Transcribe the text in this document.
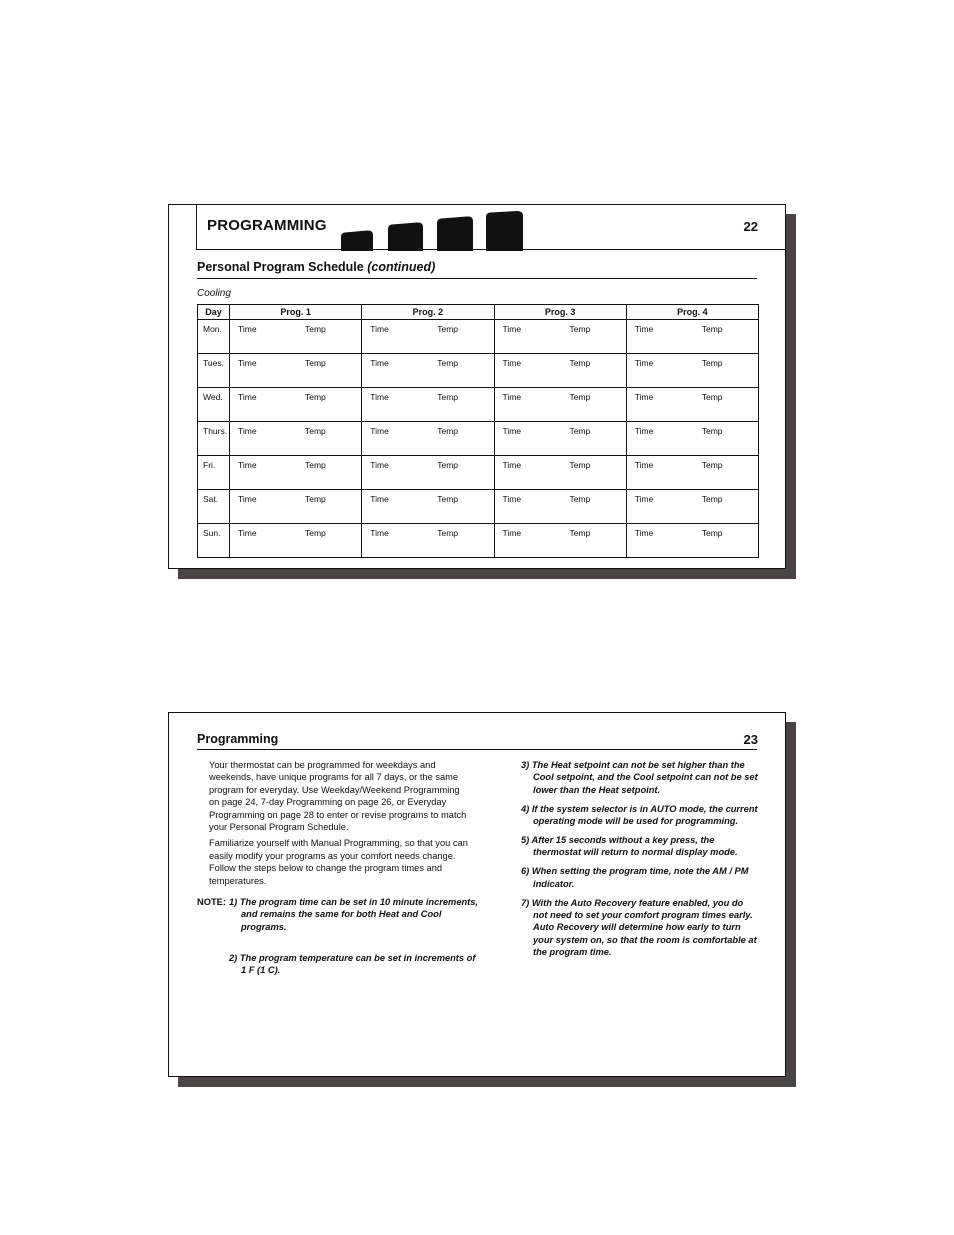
PROGRAMMING	22
Personal Program Schedule (continued)
Cooling
Day	Prog. 1	Prog. 2	Prog. 3	Prog. 4
Mon.	Time Temp	Time Temp	Time Temp	Time Temp

Tues.	Time Temp	Time Temp	Time Temp	Time Temp

Wed.	Time Temp	Time Temp	Time Temp	Time Temp

Thurs.	Time Temp	Time Temp	Time Temp	Time Temp

Fri.	Time Temp	Time Temp	Time Temp	Time Temp

Sat.	Time Temp	Time Temp	Time Temp	Time Temp

Sun.	Time Temp	Time Temp	Time Temp	Time Temp
Programming	23

Your thermostat can be programmed for weekdays and weekends, have unique programs for all 7 days, or the same program for everyday. Use Weekday/Weekend Programming on page 24, 7-day Programming on page 26, or Everyday Programming on page 28 to enter or revise programs to match your Personal Program Schedule.

Familiarize yourself with Manual Programming, so that you can easily modify your programs as your comfort needs change. Follow the steps below to change the program times and temperatures.

NOTE: 1) The program time can be set in 10 minute increments, and remains the same for both Heat and Cool programs.
2) The program temperature can be set in increments of 1 F (1 C).

3) The Heat setpoint can not be set higher than the Cool setpoint, and the Cool setpoint can not be set lower than the Heat setpoint.

4) If the system selector is in AUTO mode, the current operating mode will be used for programming.

5) After 15 seconds without a key press, the thermostat will return to normal display mode.

6) When setting the program time, note the AM / PM indicator.

7) With the Auto Recovery feature enabled, you do not need to set your comfort program times early. Auto Recovery will determine how early to turn your system on, so that the room is comfortable at the program time.
